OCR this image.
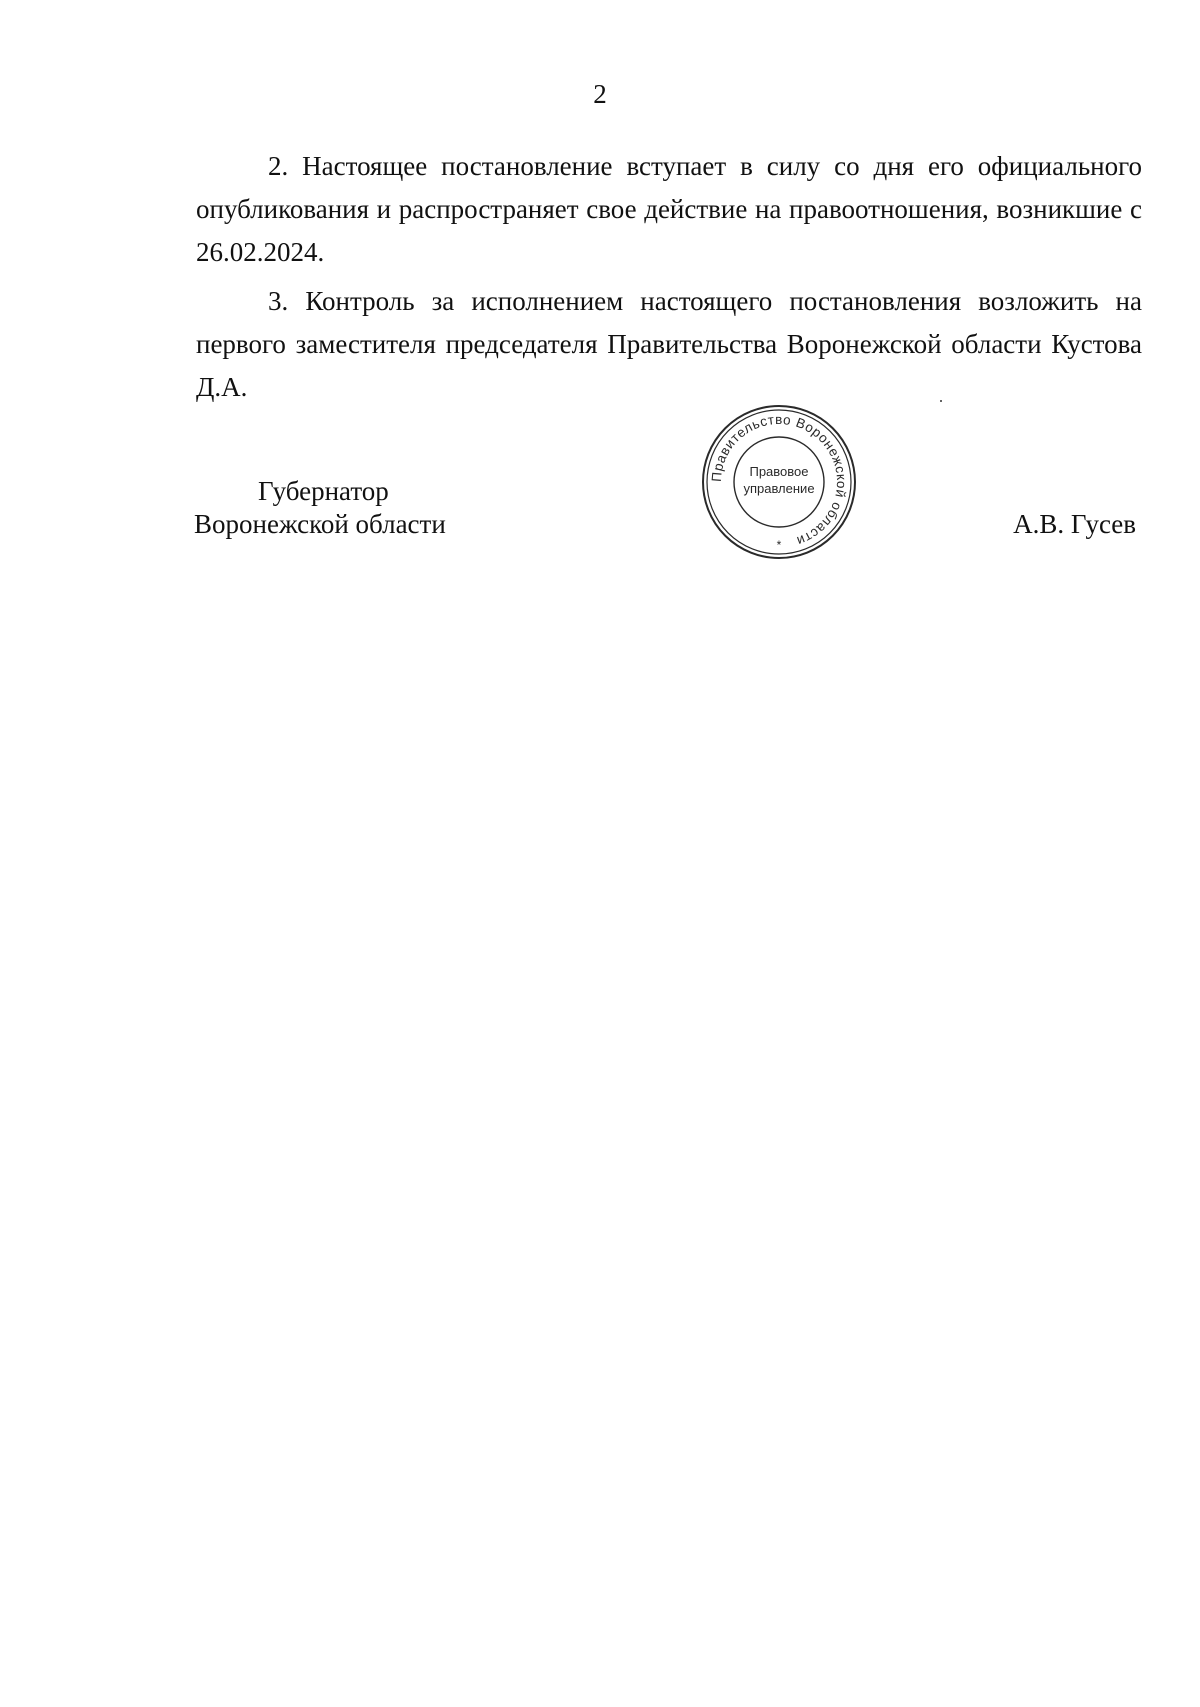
2

2. Настоящее постановление вступает в силу со дня его официального опубликования и распространяет свое действие на правоотношения, возникшие с 26.02.2024.

3. Контроль за исполнением настоящего постановления возложить на первого заместителя председателя Правительства Воронежской области Кустова Д.А.

Губернатор
Воронежской области
Правительство Воронежской области
Правовое
управление
*
А.В. Гусев
